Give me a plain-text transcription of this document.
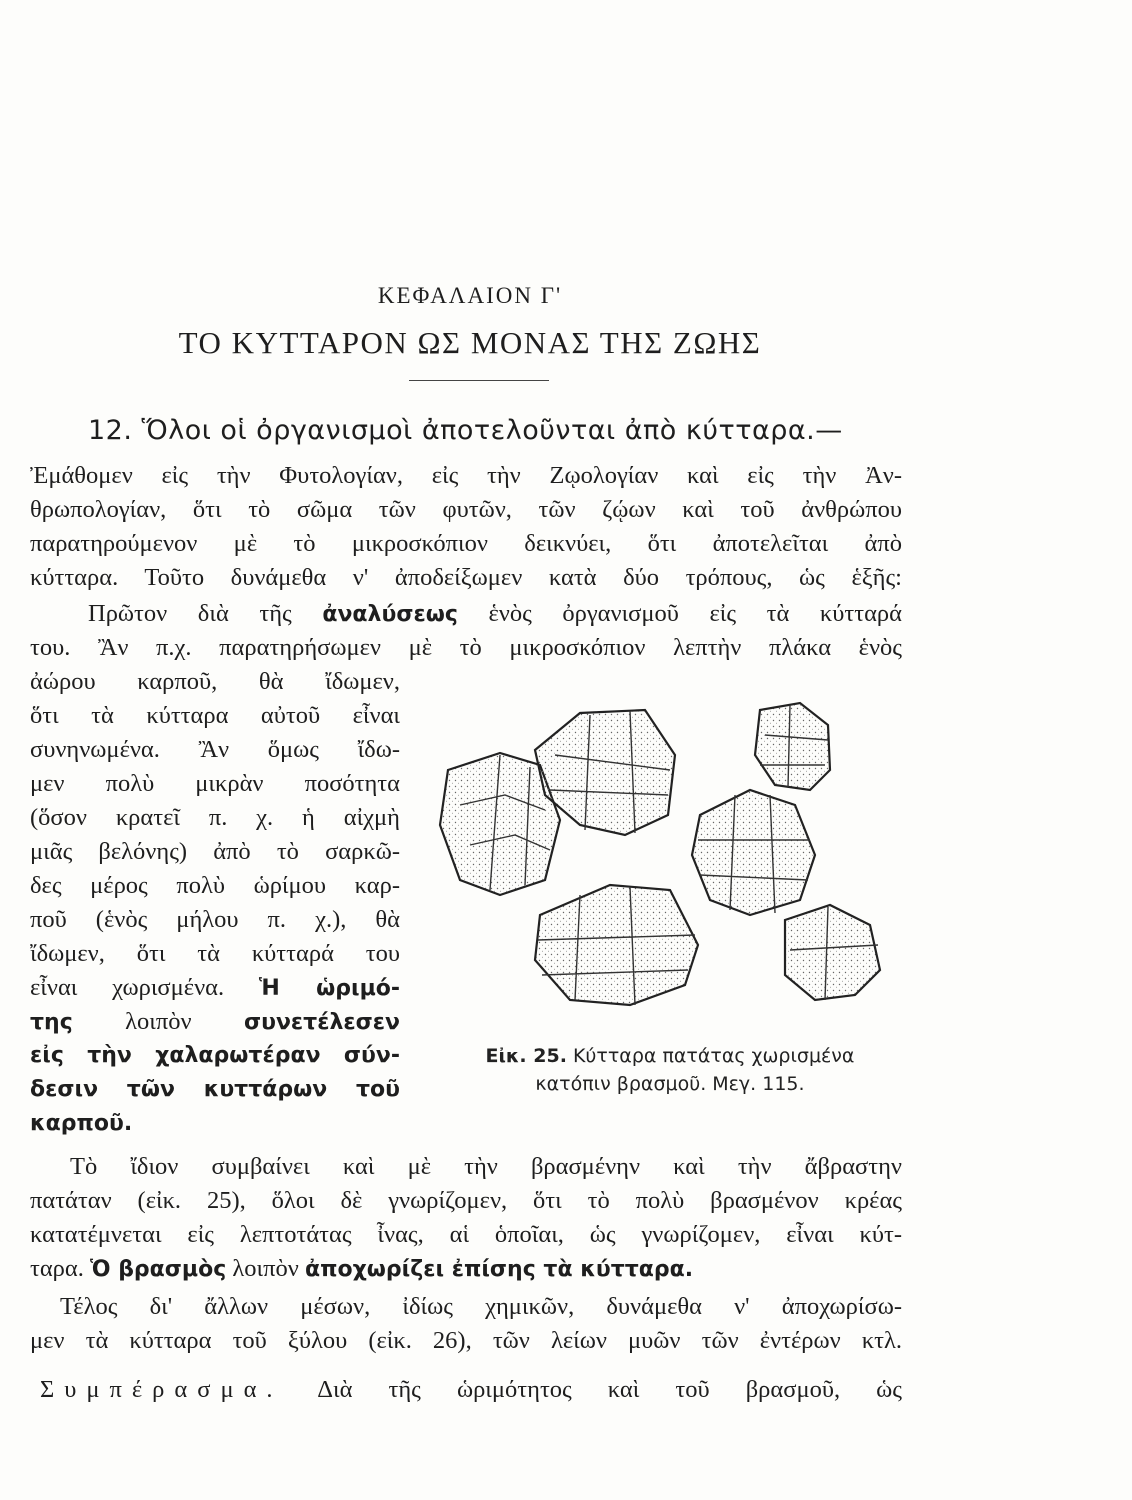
ΚΕΦΑΛΑΙΟΝ Γ'
ΤΟ ΚΥΤΤΑΡΟΝ ΩΣ ΜΟΝΑΣ ΤΗΣ ΖΩΗΣ
12. Ὅλοι οἱ ὀργανισμοὶ ἀποτελοῦνται ἀπὸ κύτταρα.—
Ἐμάθομεν εἰς τὴν Φυτολογίαν, εἰς τὴν Ζῳολογίαν καὶ εἰς τὴν Ἀν-
θρωπολογίαν, ὅτι τὸ σῶμα τῶν φυτῶν, τῶν ζῴων καὶ τοῦ ἀνθρώπου
παρατηρούμενον μὲ τὸ μικροσκόπιον δεικνύει, ὅτι ἀποτελεῖται ἀπὸ
κύτταρα. Τοῦτο δυνάμεθα ν' ἀποδείξωμεν κατὰ δύο τρόπους, ὡς ἑξῆς:
Πρῶτον διὰ τῆς ἀναλύσεως ἑνὸς ὀργανισμοῦ εἰς τὰ κύτταρά
του. Ἂν π.χ. παρατηρήσωμεν μὲ τὸ μικροσκόπιον λεπτὴν πλάκα ἑνὸς
ἀώρου καρποῦ, θὰ ἴδωμεν,
ὅτι τὰ κύτταρα αὐτοῦ εἶναι
συνηνωμένα. Ἂν ὅμως ἴδω-
μεν πολὺ μικρὰν ποσότητα
(ὅσον κρατεῖ π. χ. ἡ αἰχμὴ
μιᾶς βελόνης) ἀπὸ τὸ σαρκῶ-
δες μέρος πολὺ ὡρίμου καρ-
ποῦ (ἑνὸς μήλου π. χ.), θὰ
ἴδωμεν, ὅτι τὰ κύτταρά του
εἶναι χωρισμένα. Ἡ ὡριμό-
της λοιπὸν συνετέλεσεν
εἰς τὴν χαλαρωτέραν σύν-
δεσιν τῶν κυττάρων τοῦ
καρποῦ.
Εἰκ. 25. Κύτταρα πατάτας χωρισμένα
κατόπιν βρασμοῦ. Μεγ. 115.
Τὸ ἴδιον συμβαίνει καὶ μὲ τὴν βρασμένην καὶ τὴν ἄβραστην
πατάταν (εἰκ. 25), ὅλοι δὲ γνωρίζομεν, ὅτι τὸ πολὺ βρασμένον κρέας
κατατέμνεται εἰς λεπτοτάτας ἶνας, αἱ ὁποῖαι, ὡς γνωρίζομεν, εἶναι κύτ-
ταρα. Ὁ βρασμὸς λοιπὸν ἀποχωρίζει ἐπίσης τὰ κύτταρα.
Τέλος δι' ἄλλων μέσων, ἰδίως χημικῶν, δυνάμεθα ν' ἀποχωρίσω-
μεν τὰ κύτταρα τοῦ ξύλου (εἰκ. 26), τῶν λείων μυῶν τῶν ἐντέρων κτλ.
Συμπέρασμα. Διὰ τῆς ὡριμότητος καὶ τοῦ βρασμοῦ, ὡς
